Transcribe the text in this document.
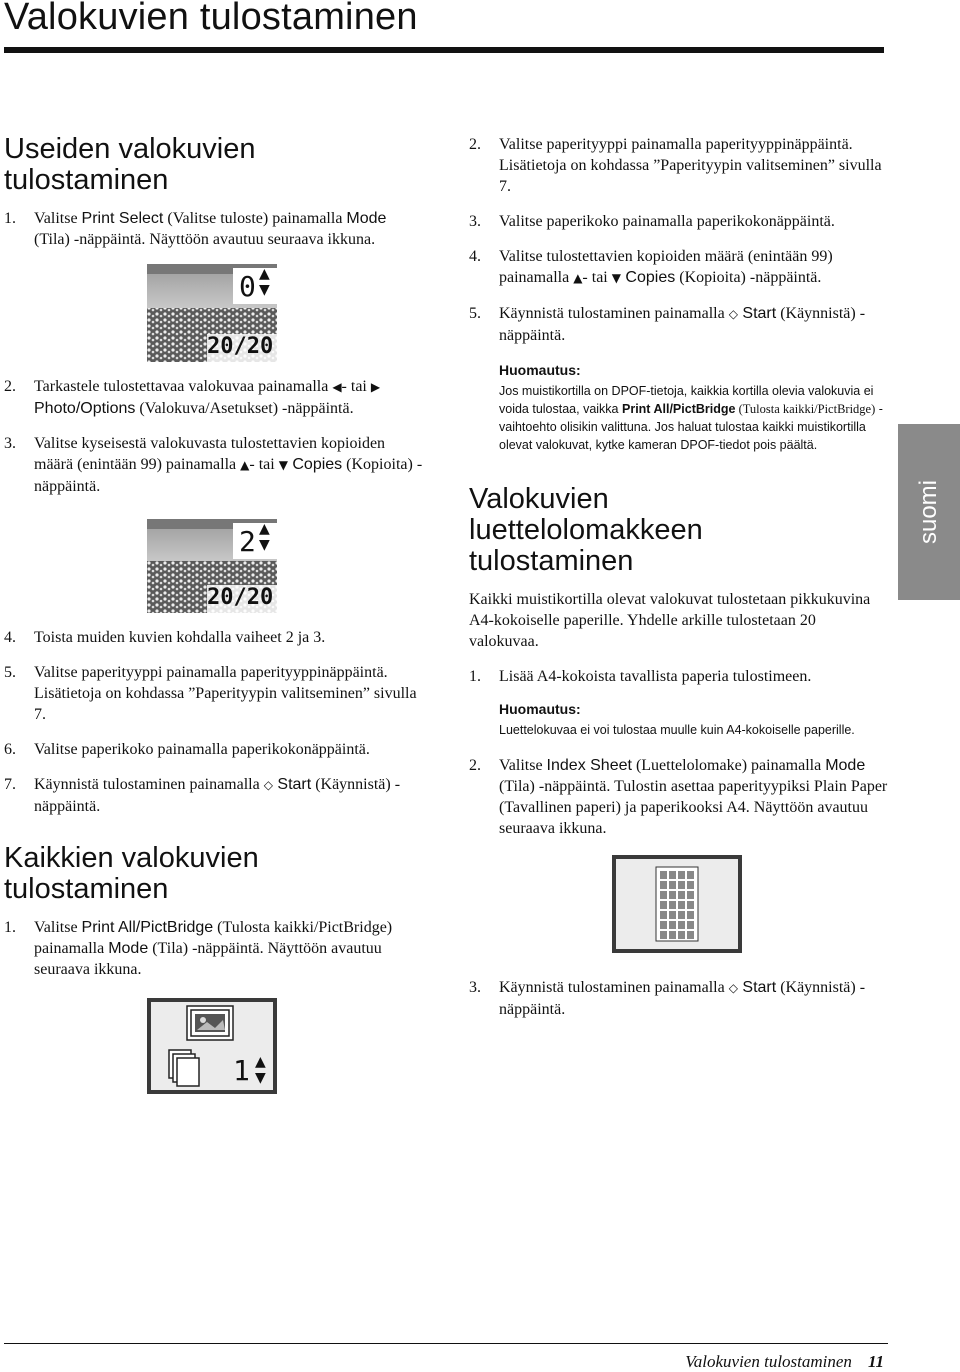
Valokuvien tulostaminen
Useiden valokuvien tulostaminen
1.	Valitse Print Select (Valitse tuloste) painamalla Mode (Tila) -näppäintä. Näyttöön avautuu seuraava ikkuna.
0 ▲
▼
20/20
2.	Tarkastele tulostettavaa valokuvaa painamalla ◀- tai ▶ Photo/Options (Valokuva/Asetukset) -näppäintä.
3.	Valitse kyseisestä valokuvasta tulostettavien kopioiden määrä (enintään 99) painamalla ▲- tai ▼ Copies (Kopioita) -näppäintä.
2 ▲
▼
20/20
4.	Toista muiden kuvien kohdalla vaiheet 2 ja 3.
5.	Valitse paperityyppi painamalla paperityyppinäppäintä. Lisätietoja on kohdassa ”Paperityypin valitseminen” sivulla 7.
6.	Valitse paperikoko painamalla paperikokonäppäintä.
7.	Käynnistä tulostaminen painamalla ◇ Start (Käynnistä) -näppäintä.
Kaikkien valokuvien tulostaminen
1.	Valitse Print All/PictBridge (Tulosta kaikki/PictBridge) painamalla Mode (Tila) -näppäintä. Näyttöön avautuu seuraava ikkuna.
1 ▲
▼
2.	Valitse paperityyppi painamalla paperityyppinäppäintä. Lisätietoja on kohdassa ”Paperityypin valitseminen” sivulla 7.
3.	Valitse paperikoko painamalla paperikokonäppäintä.
4.	Valitse tulostettavien kopioiden määrä (enintään 99) painamalla ▲- tai ▼ Copies (Kopioita) -näppäintä.
5.	Käynnistä tulostaminen painamalla ◇ Start (Käynnistä) -näppäintä.

Huomautus:

Jos muistikortilla on DPOF-tietoja, kaikkia kortilla olevia valokuvia ei voida tulostaa, vaikka Print All/PictBridge (Tulosta kaikki/PictBridge) -vaihtoehto olisikin valittuna. Jos haluat tulostaa kaikki muistikortilla olevat valokuvat, kytke kameran DPOF-tiedot pois päältä.

Valokuvien luettelolomakkeen tulostaminen

Kaikki muistikortilla olevat valokuvat tulostetaan pikkukuvina A4-kokoiselle paperille. Yhdelle arkille tulostetaan 20 valokuvaa.

1.	Lisää A4-kokoista tavallista paperia tulostimeen.

Huomautus:

Luettelokuvaa ei voi tulostaa muulle kuin A4-kokoiselle paperille.

2.	Valitse Index Sheet (Luettelolomake) painamalla Mode (Tila) -näppäintä. Tulostin asettaa paperityypiksi Plain Paper (Tavallinen paperi) ja paperikooksi A4. Näyttöön avautuu seuraava ikkuna.
3.	Käynnistä tulostaminen painamalla ◇ Start (Käynnistä) -näppäintä.
suomi
Valokuvien tulostaminen 11
